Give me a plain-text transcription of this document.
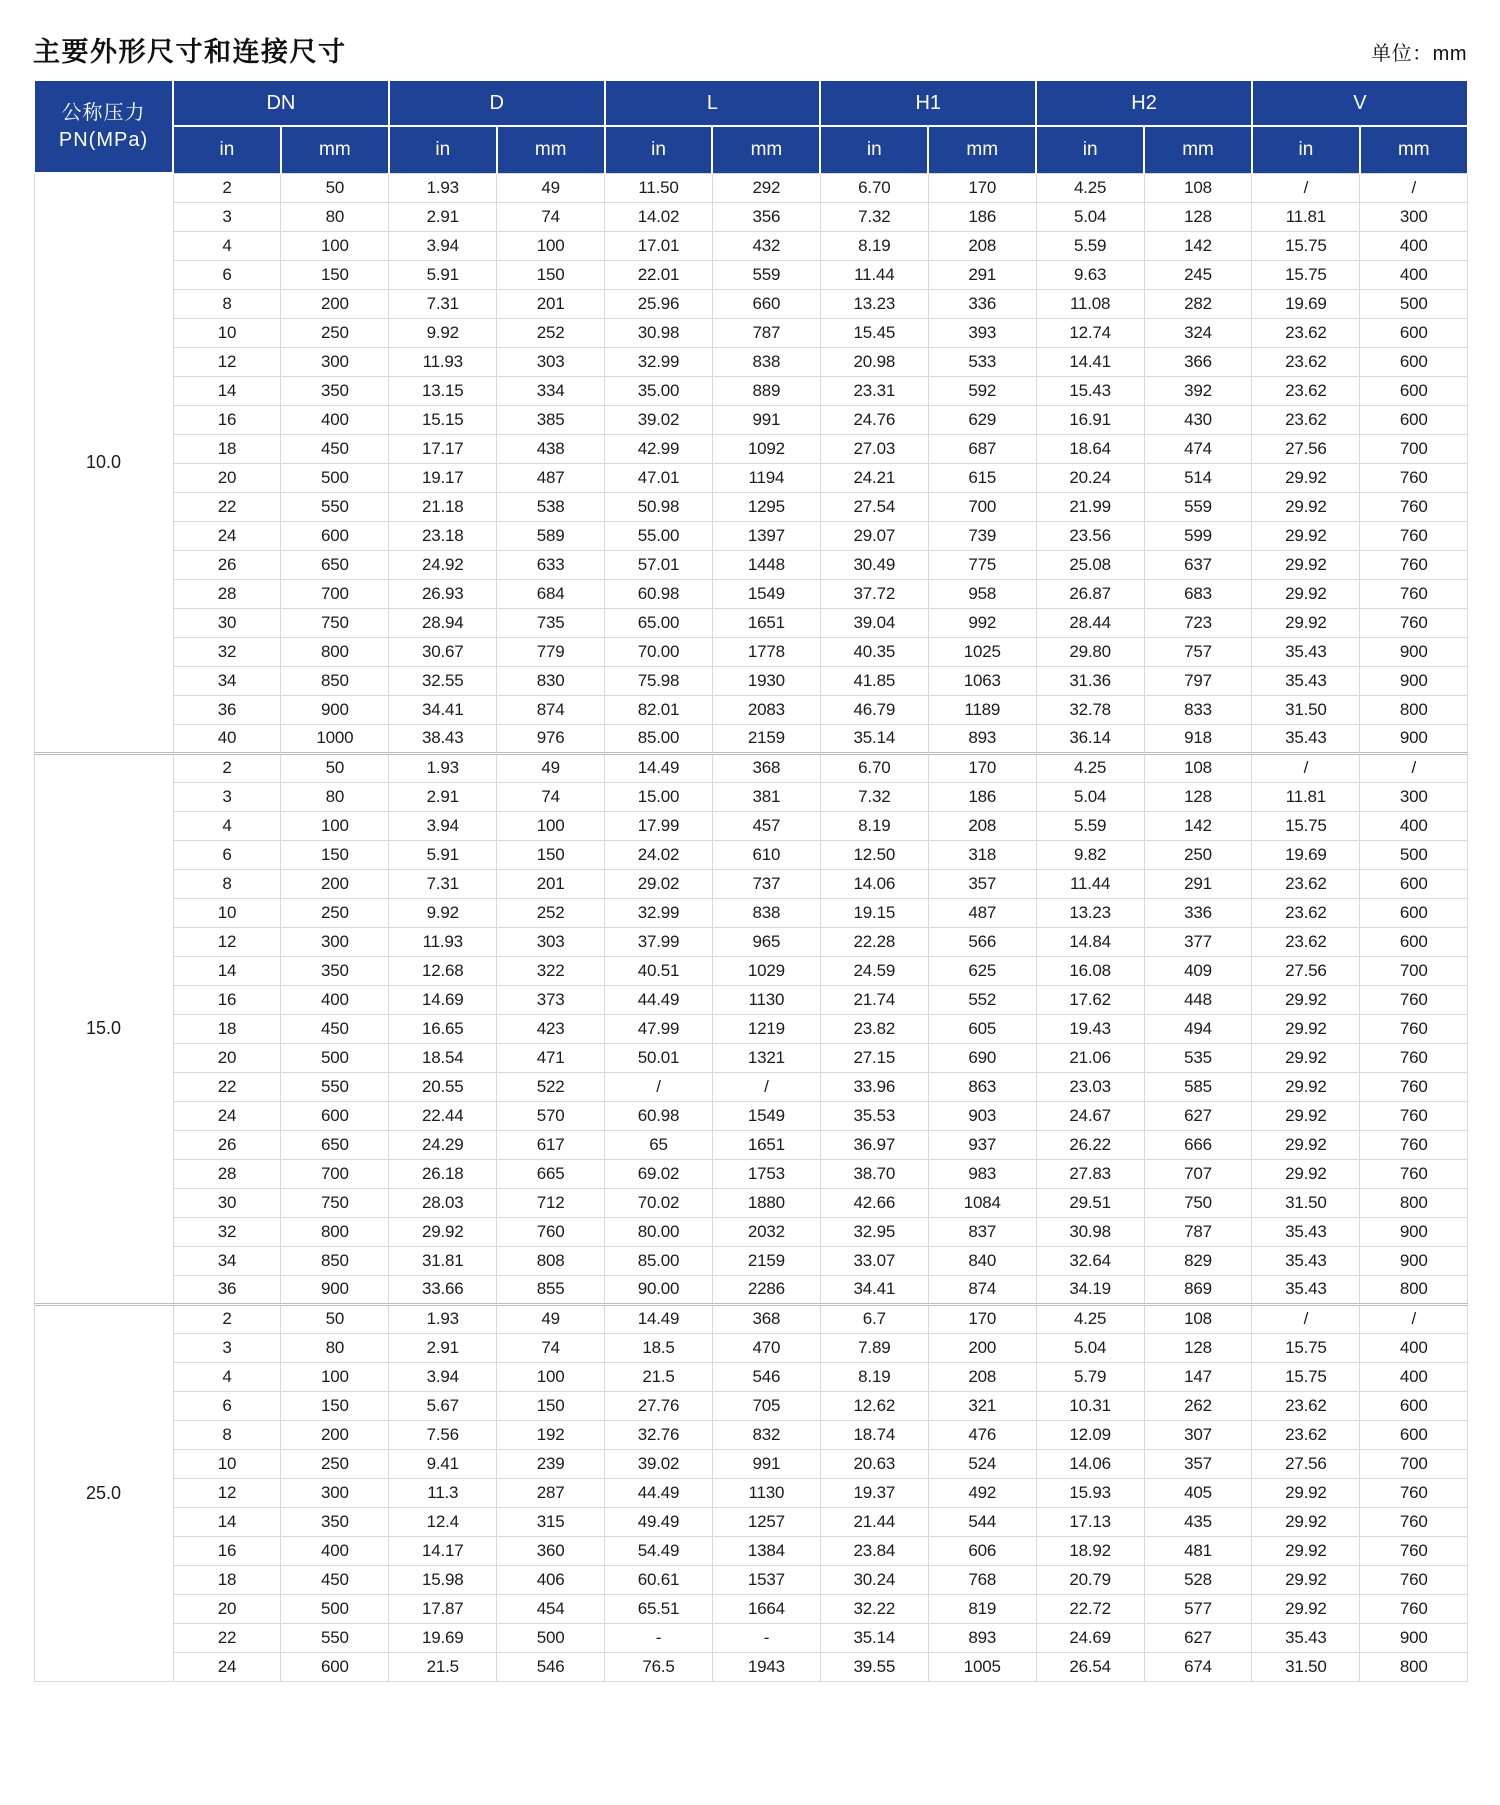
主要外形尺寸和连接尺寸	单位：mm
公称压力
PN(MPa)	DN		D		L		H1		H2		V	
	in	mm	in	mm	in	mm	in	mm	in	mm	in	mm
10.0	2	50	1.93	49	11.50	292	6.70	170	4.25	108	/	/
	3	80	2.91	74	14.02	356	7.32	186	5.04	128	11.81	300
	4	100	3.94	100	17.01	432	8.19	208	5.59	142	15.75	400
	6	150	5.91	150	22.01	559	11.44	291	9.63	245	15.75	400
	8	200	7.31	201	25.96	660	13.23	336	11.08	282	19.69	500
	10	250	9.92	252	30.98	787	15.45	393	12.74	324	23.62	600
	12	300	11.93	303	32.99	838	20.98	533	14.41	366	23.62	600
	14	350	13.15	334	35.00	889	23.31	592	15.43	392	23.62	600
	16	400	15.15	385	39.02	991	24.76	629	16.91	430	23.62	600
	18	450	17.17	438	42.99	1092	27.03	687	18.64	474	27.56	700
	20	500	19.17	487	47.01	1194	24.21	615	20.24	514	29.92	760
	22	550	21.18	538	50.98	1295	27.54	700	21.99	559	29.92	760
	24	600	23.18	589	55.00	1397	29.07	739	23.56	599	29.92	760
	26	650	24.92	633	57.01	1448	30.49	775	25.08	637	29.92	760
	28	700	26.93	684	60.98	1549	37.72	958	26.87	683	29.92	760
	30	750	28.94	735	65.00	1651	39.04	992	28.44	723	29.92	760
	32	800	30.67	779	70.00	1778	40.35	1025	29.80	757	35.43	900
	34	850	32.55	830	75.98	1930	41.85	1063	31.36	797	35.43	900
	36	900	34.41	874	82.01	2083	46.79	1189	32.78	833	31.50	800
	40	1000	38.43	976	85.00	2159	35.14	893	36.14	918	35.43	900
15.0	2	50	1.93	49	14.49	368	6.70	170	4.25	108	/	/
	3	80	2.91	74	15.00	381	7.32	186	5.04	128	11.81	300
	4	100	3.94	100	17.99	457	8.19	208	5.59	142	15.75	400
	6	150	5.91	150	24.02	610	12.50	318	9.82	250	19.69	500
	8	200	7.31	201	29.02	737	14.06	357	11.44	291	23.62	600
	10	250	9.92	252	32.99	838	19.15	487	13.23	336	23.62	600
	12	300	11.93	303	37.99	965	22.28	566	14.84	377	23.62	600
	14	350	12.68	322	40.51	1029	24.59	625	16.08	409	27.56	700
	16	400	14.69	373	44.49	1130	21.74	552	17.62	448	29.92	760
	18	450	16.65	423	47.99	1219	23.82	605	19.43	494	29.92	760
	20	500	18.54	471	50.01	1321	27.15	690	21.06	535	29.92	760
	22	550	20.55	522	/	/	33.96	863	23.03	585	29.92	760
	24	600	22.44	570	60.98	1549	35.53	903	24.67	627	29.92	760
	26	650	24.29	617	65	1651	36.97	937	26.22	666	29.92	760
	28	700	26.18	665	69.02	1753	38.70	983	27.83	707	29.92	760
	30	750	28.03	712	70.02	1880	42.66	1084	29.51	750	31.50	800
	32	800	29.92	760	80.00	2032	32.95	837	30.98	787	35.43	900
	34	850	31.81	808	85.00	2159	33.07	840	32.64	829	35.43	900
	36	900	33.66	855	90.00	2286	34.41	874	34.19	869	35.43	800
25.0	2	50	1.93	49	14.49	368	6.7	170	4.25	108	/	/
	3	80	2.91	74	18.5	470	7.89	200	5.04	128	15.75	400
	4	100	3.94	100	21.5	546	8.19	208	5.79	147	15.75	400
	6	150	5.67	150	27.76	705	12.62	321	10.31	262	23.62	600
	8	200	7.56	192	32.76	832	18.74	476	12.09	307	23.62	600
	10	250	9.41	239	39.02	991	20.63	524	14.06	357	27.56	700
	12	300	11.3	287	44.49	1130	19.37	492	15.93	405	29.92	760
	14	350	12.4	315	49.49	1257	21.44	544	17.13	435	29.92	760
	16	400	14.17	360	54.49	1384	23.84	606	18.92	481	29.92	760
	18	450	15.98	406	60.61	1537	30.24	768	20.79	528	29.92	760
	20	500	17.87	454	65.51	1664	32.22	819	22.72	577	29.92	760
	22	550	19.69	500	-	-	35.14	893	24.69	627	35.43	900
	24	600	21.5	546	76.5	1943	39.55	1005	26.54	674	31.50	800
